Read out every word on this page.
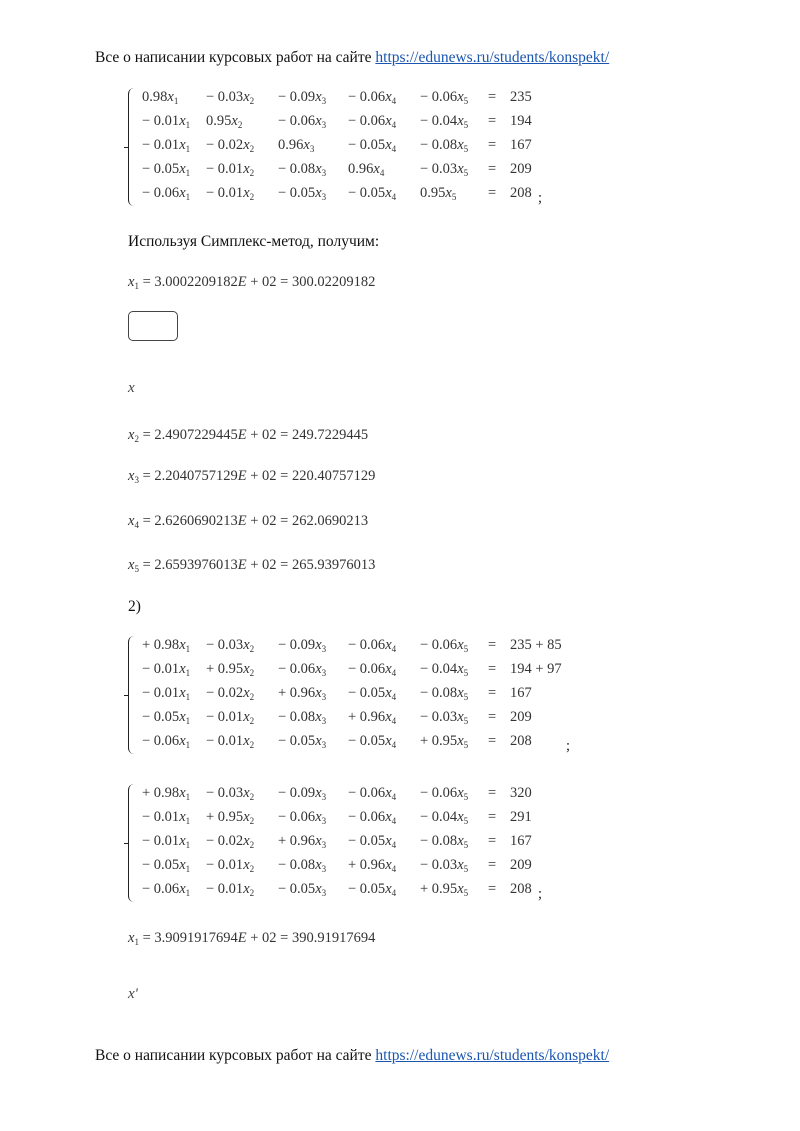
Все о написании курсовых работ на сайте https://edunews.ru/students/konspekt/
$0.98x_1 - 0.03x_2 - 0.09x_3 - 0.06x_4 - 0.06x_5 = 235$
− $0.01x_1$ $0.95x_2 - 0.06x_3 - 0.06x_4 - 0.04x_5 = 194$
− $0.01x_1 - 0.02x_2$ $0.96x_3 - 0.05x_4 - 0.08x_5 = 167$
− $0.05x_1 - 0.01x_2 - 0.08x_3$ $0.96x_4 - 0.03x_5 = 209$
− $0.06x_1 - 0.01x_2 - 0.05x_3 - 0.05x_4$ $0.95x_5 = 208$ ;
Используя Симплекс-метод, получим:
$x_1 = 3.0002209182E + 02 = 300.02209182$
x
$x_2 = 2.4907229445E + 02 = 249.7229445$
$x_3 = 2.2040757129E + 02 = 220.40757129$
$x_4 = 2.6260690213E + 02 = 262.0690213$
$x_5 = 2.6593976013E + 02 = 265.93976013$
2)
+ $0.98x_1 - 0.03x_2 - 0.09x_3 - 0.06x_4 - 0.06x_5 = 235 + 85$
− $0.01x_1 + 0.95x_2 - 0.06x_3 - 0.06x_4 - 0.04x_5 = 194 + 97$
− $0.01x_1 - 0.02x_2 + 0.96x_3 - 0.05x_4 - 0.08x_5 = 167$
− $0.05x_1 - 0.01x_2 - 0.08x_3 + 0.96x_4 - 0.03x_5 = 209$
− $0.06x_1 - 0.01x_2 - 0.05x_3 - 0.05x_4 + 0.95x_5 = 208$ ;
+ $0.98x_1 - 0.03x_2 - 0.09x_3 - 0.06x_4 - 0.06x_5 = 320$
− $0.01x_1 + 0.95x_2 - 0.06x_3 - 0.06x_4 - 0.04x_5 = 291$
− $0.01x_1 - 0.02x_2 + 0.96x_3 - 0.05x_4 - 0.08x_5 = 167$
− $0.05x_1 - 0.01x_2 - 0.08x_3 + 0.96x_4 - 0.03x_5 = 209$
− $0.06x_1 - 0.01x_2 - 0.05x_3 - 0.05x_4 + 0.95x_5 = 208$ ;
$x_1 = 3.9091917694E + 02 = 390.91917694$
x'
Все о написании курсовых работ на сайте https://edunews.ru/students/konspekt/
